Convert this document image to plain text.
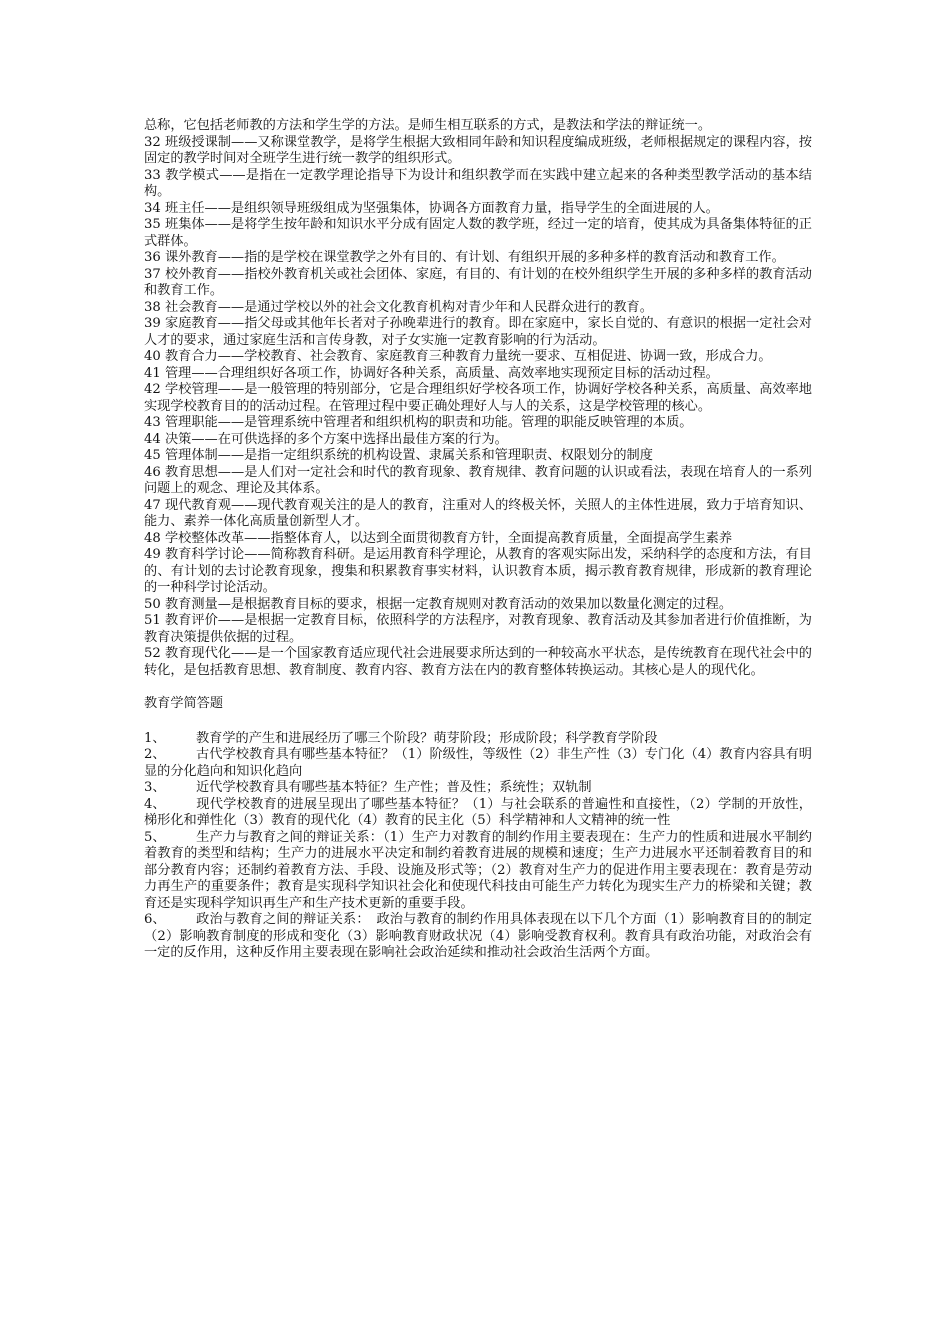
总称，它包括老师教的方法和学生学的方法。是师生相互联系的方式，是教法和学法的辩证统一。

32 班级授课制——又称课堂教学，是将学生根据大致相同年龄和知识程度编成班级，老师根据规定的课程内容，按固定的教学时间对全班学生进行统一教学的组织形式。

33 教学模式——是指在一定教学理论指导下为设计和组织教学而在实践中建立起来的各种类型教学活动的基本结构。

34 班主任——是组织领导班级组成为坚强集体，协调各方面教育力量，指导学生的全面进展的人。

35 班集体——是将学生按年龄和知识水平分成有固定人数的教学班，经过一定的培育，使其成为具备集体特征的正式群体。

36 课外教育——指的是学校在课堂教学之外有目的、有计划、有组织开展的多种多样的教育活动和教育工作。

37 校外教育——指校外教育机关或社会团体、家庭，有目的、有计划的在校外组织学生开展的多种多样的教育活动和教育工作。

38 社会教育——是通过学校以外的社会文化教育机构对青少年和人民群众进行的教育。

39 家庭教育——指父母或其他年长者对子孙晚辈进行的教育。即在家庭中，家长自觉的、有意识的根据一定社会对人才的要求，通过家庭生活和言传身教，对子女实施一定教育影响的行为活动。

40 教育合力——学校教育、社会教育、家庭教育三种教育力量统一要求、互相促进、协调一致，形成合力。

41 管理——合理组织好各项工作，协调好各种关系，高质量、高效率地实现预定目标的活动过程。

42 学校管理——是一般管理的特别部分，它是合理组织好学校各项工作，协调好学校各种关系，高质量、高效率地实现学校教育目的的活动过程。在管理过程中要正确处理好人与人的关系，这是学校管理的核心。

43 管理职能——是管理系统中管理者和组织机构的职责和功能。管理的职能反映管理的本质。

44 决策——在可供选择的多个方案中选择出最佳方案的行为。

45 管理体制——是指一定组织系统的机构设置、隶属关系和管理职责、权限划分的制度

46 教育思想——是人们对一定社会和时代的教育现象、教育规律、教育问题的认识或看法，表现在培育人的一系列问题上的观念、理论及其体系。

47 现代教育观——现代教育观关注的是人的教育，注重对人的终极关怀，关照人的主体性进展，致力于培育知识、能力、素养一体化高质量创新型人才。

48 学校整体改革——指整体育人，以达到全面贯彻教育方针，全面提高教育质量，全面提高学生素养

49 教育科学讨论——简称教育科研。是运用教育科学理论，从教育的客观实际出发，采纳科学的态度和方法，有目的、有计划的去讨论教育现象，搜集和积累教育事实材料，认识教育本质，揭示教育教育规律，形成新的教育理论的一种科学讨论活动。

50 教育测量—是根据教育目标的要求，根据一定教育规则对教育活动的效果加以数量化测定的过程。

51 教育评价——是根据一定教育目标，依照科学的方法程序，对教育现象、教育活动及其参加者进行价值推断，为教育决策提供依据的过程。

52 教育现代化——是一个国家教育适应现代社会进展要求所达到的一种较高水平状态，是传统教育在现代社会中的转化，是包括教育思想、教育制度、教育内容、教育方法在内的教育整体转换运动。其核心是人的现代化。

教育学简答题

1、 教育学的产生和进展经历了哪三个阶段？萌芽阶段；形成阶段；科学教育学阶段

2、 古代学校教育具有哪些基本特征？（1）阶级性，等级性（2）非生产性（3）专门化（4）教育内容具有明显的分化趋向和知识化趋向

3、 近代学校教育具有哪些基本特征？生产性；普及性；系统性；双轨制

4、 现代学校教育的进展呈现出了哪些基本特征？（1）与社会联系的普遍性和直接性，（2）学制的开放性，梯形化和弹性化（3）教育的现代化（4）教育的民主化（5）科学精神和人文精神的统一性

5、 生产力与教育之间的辩证关系：（1）生产力对教育的制约作用主要表现在：生产力的性质和进展水平制约着教育的类型和结构；生产力的进展水平决定和制约着教育进展的规模和速度；生产力进展水平还制着教育目的和部分教育内容；还制约着教育方法、手段、设施及形式等；（2）教育对生产力的促进作用主要表现在：教育是劳动力再生产的重要条件；教育是实现科学知识社会化和使现代科技由可能生产力转化为现实生产力的桥梁和关键；教育还是实现科学知识再生产和生产技术更新的重要手段。

6、 政治与教育之间的辩证关系：　政治与教育的制约作用具体表现在以下几个方面（1）影响教育目的的制定（2）影响教育制度的形成和变化（3）影响教育财政状况（4）影响受教育权利。教育具有政治功能，对政治会有一定的反作用，这种反作用主要表现在影响社会政治延续和推动社会政治生活两个方面。
